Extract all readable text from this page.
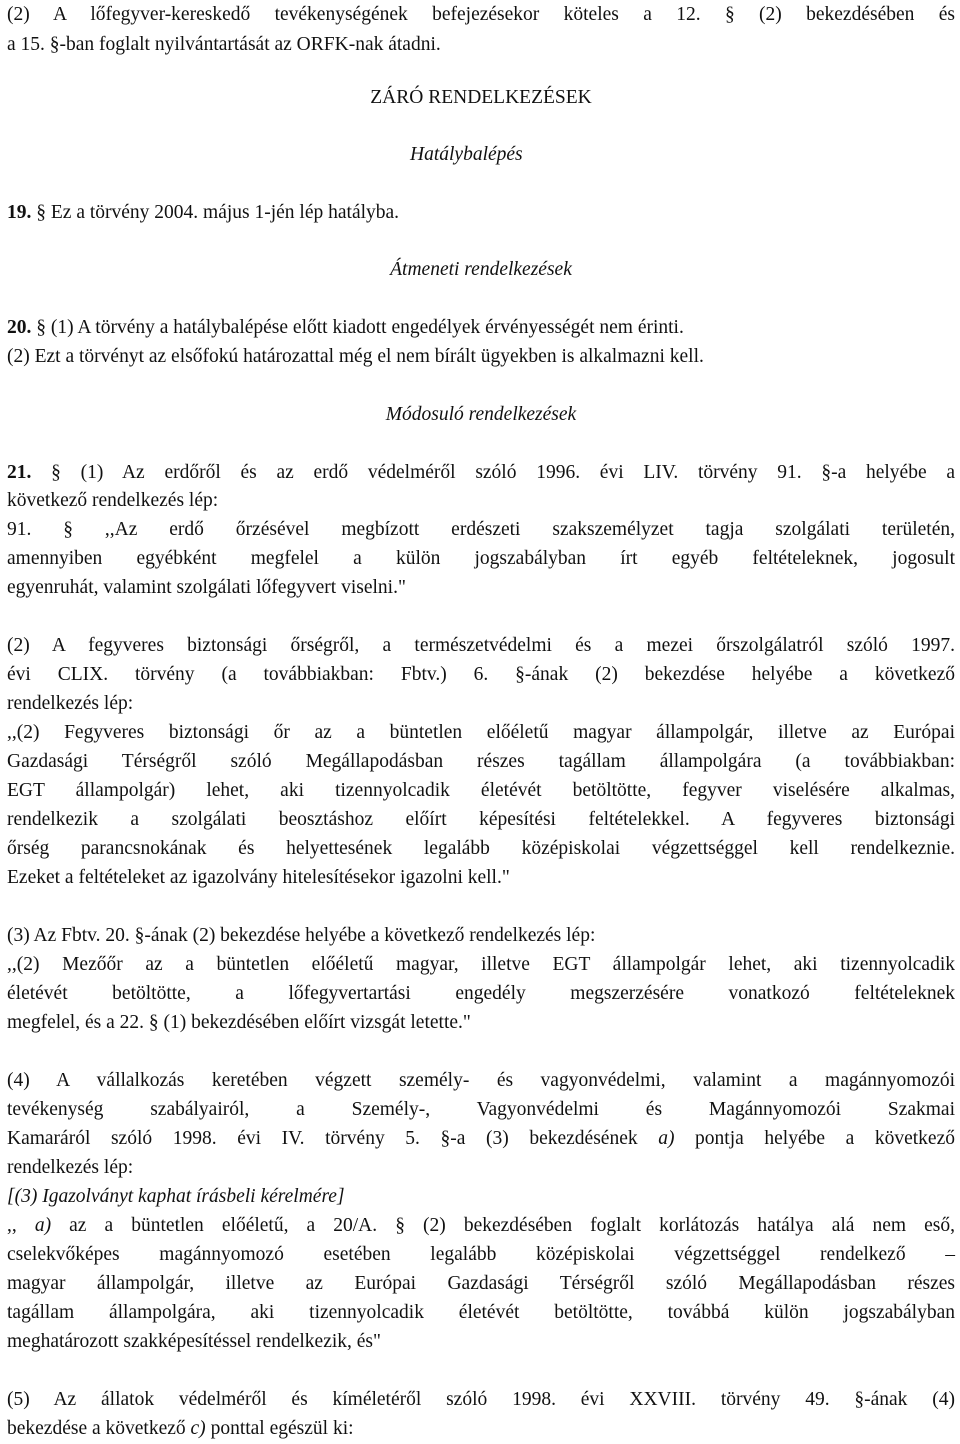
(2) A lőfegyver-kereskedő tevékenységének befejezésekor köteles a 12. § (2) bekezdésében és
a 15. §-ban foglalt nyilvántartását az ORFK-nak átadni.
ZÁRÓ RENDELKEZÉSEK
Hatálybalépés
19. § Ez a törvény 2004. május 1-jén lép hatályba.
Átmeneti rendelkezések
20. § (1) A törvény a hatálybalépése előtt kiadott engedélyek érvényességét nem érinti.
(2) Ezt a törvényt az elsőfokú határozattal még el nem bírált ügyekben is alkalmazni kell.
Módosuló rendelkezések
21. § (1) Az erdőről és az erdő védelméről szóló 1996. évi LIV. törvény 91. §-a helyébe a
következő rendelkezés lép:
91. § ,,Az erdő őrzésével megbízott erdészeti szakszemélyzet tagja szolgálati területén,
amennyiben egyébként megfelel a külön jogszabályban írt egyéb feltételeknek, jogosult
egyenruhát, valamint szolgálati lőfegyvert viselni."
(2) A fegyveres biztonsági őrségről, a természetvédelmi és a mezei őrszolgálatról szóló 1997.
évi CLIX. törvény (a továbbiakban: Fbtv.) 6. §-ának (2) bekezdése helyébe a következő
rendelkezés lép:
,,(2) Fegyveres biztonsági őr az a büntetlen előéletű magyar állampolgár, illetve az Európai
Gazdasági Térségről szóló Megállapodásban részes tagállam állampolgára (a továbbiakban:
EGT állampolgár) lehet, aki tizennyolcadik életévét betöltötte, fegyver viselésére alkalmas,
rendelkezik a szolgálati beosztáshoz előírt képesítési feltételekkel. A fegyveres biztonsági
őrség parancsnokának és helyettesének legalább középiskolai végzettséggel kell rendelkeznie.
Ezeket a feltételeket az igazolvány hitelesítésekor igazolni kell."
(3) Az Fbtv. 20. §-ának (2) bekezdése helyébe a következő rendelkezés lép:
,,(2) Mezőőr az a büntetlen előéletű magyar, illetve EGT állampolgár lehet, aki tizennyolcadik
életévét betöltötte, a lőfegyvertartási engedély megszerzésére vonatkozó feltételeknek
megfelel, és a 22. § (1) bekezdésében előírt vizsgát letette."
(4) A vállalkozás keretében végzett személy- és vagyonvédelmi, valamint a magánnyomozói
tevékenység szabályairól, a Személy-, Vagyonvédelmi és Magánnyomozói Szakmai
Kamaráról szóló 1998. évi IV. törvény 5. §-a (3) bekezdésének a) pontja helyébe a következő
rendelkezés lép:
[(3) Igazolványt kaphat írásbeli kérelmére]
,, a) az a büntetlen előéletű, a 20/A. § (2) bekezdésében foglalt korlátozás hatálya alá nem eső,
cselekvőképes magánnyomozó esetében legalább középiskolai végzettséggel rendelkező –
magyar állampolgár, illetve az Európai Gazdasági Térségről szóló Megállapodásban részes
tagállam állampolgára, aki tizennyolcadik életévét betöltötte, továbbá külön jogszabályban
meghatározott szakképesítéssel rendelkezik, és"
(5) Az állatok védelméről és kíméletéről szóló 1998. évi XXVIII. törvény 49. §-ának (4)
bekezdése a következő c) ponttal egészül ki:
